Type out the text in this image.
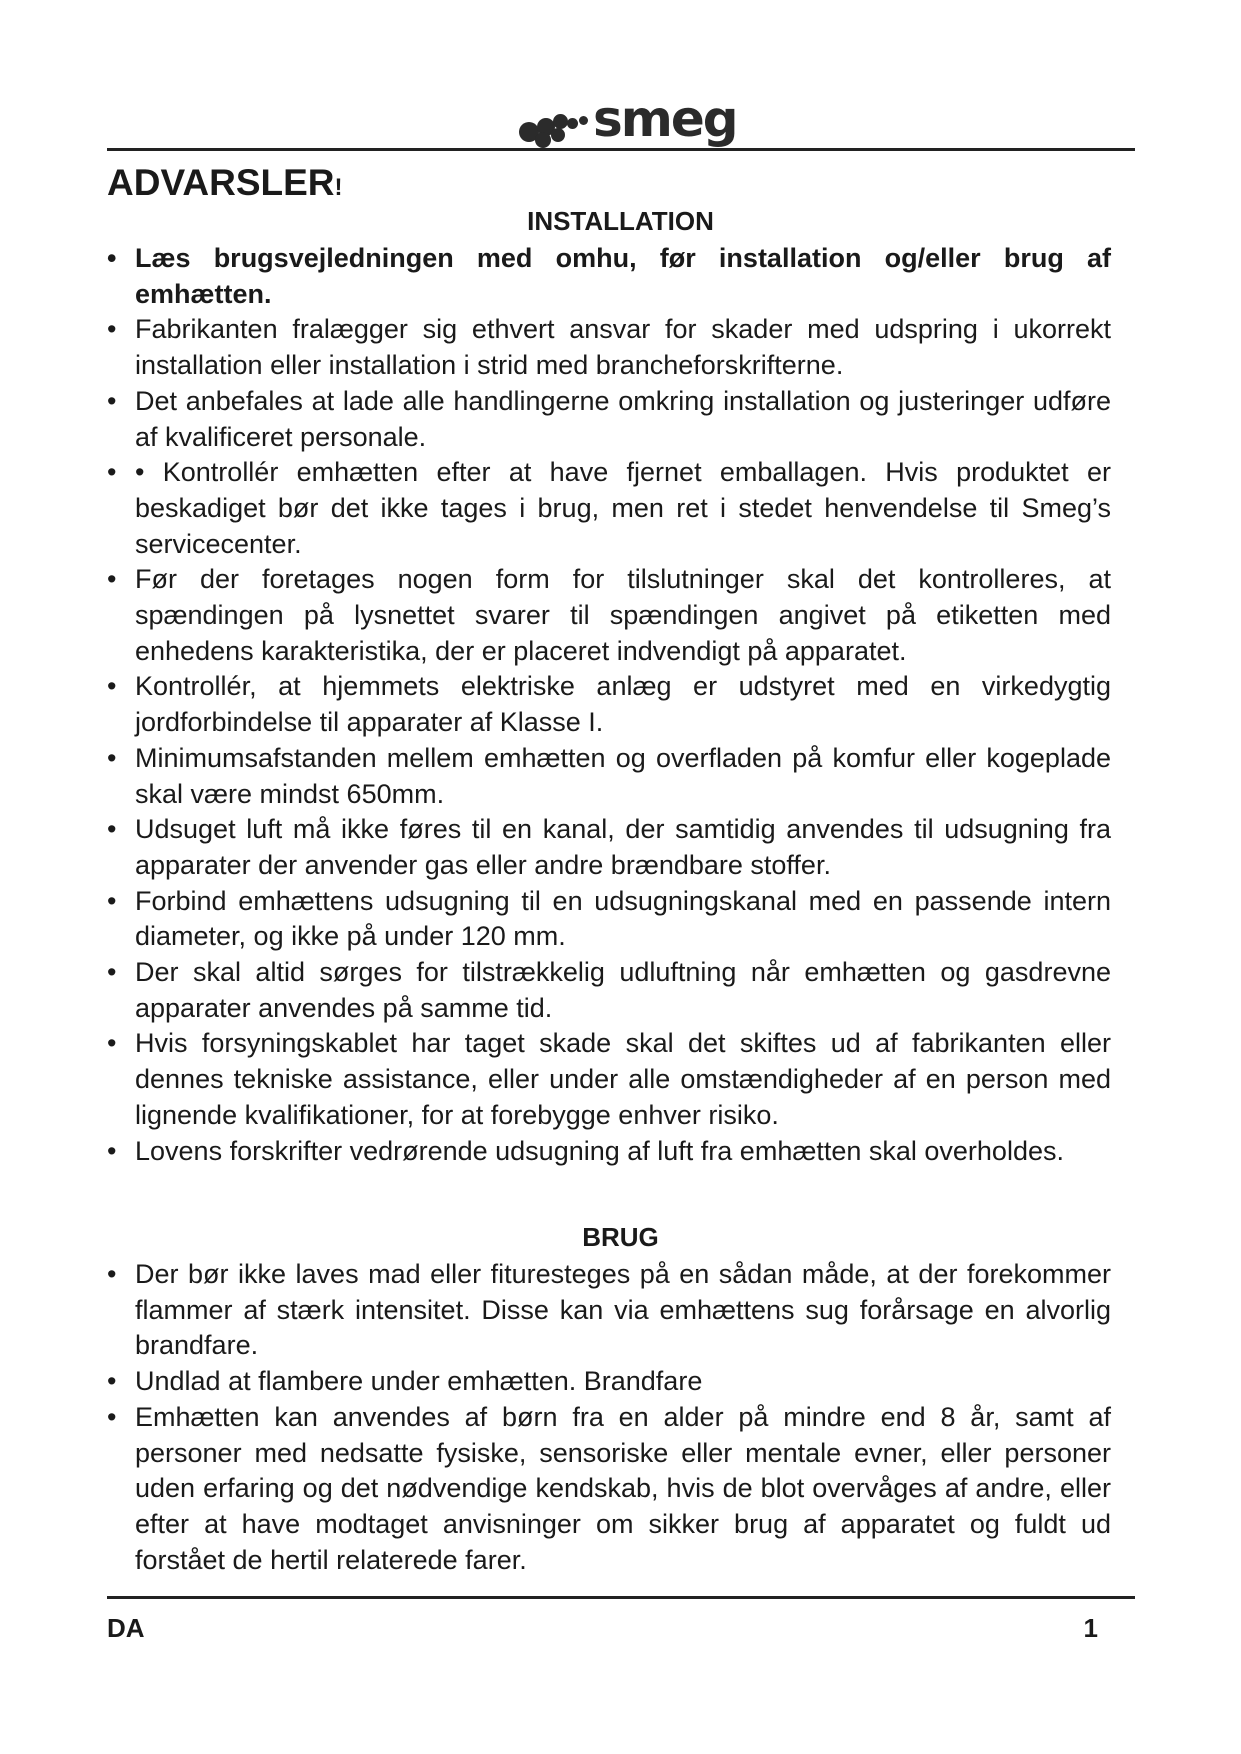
smeg
ADVARSLER!
INSTALLATION
• Læs brugsvejledningen med omhu, før installation og/eller brug af emhætten.
• Fabrikanten fralægger sig ethvert ansvar for skader med udspring i ukorrekt installation eller installation i strid med brancheforskrifterne.
• Det anbefales at lade alle handlingerne omkring installation og justeringer udføre af kvalificeret personale.
• • Kontrollér emhætten efter at have fjernet emballagen. Hvis produktet er beskadiget bør det ikke tages i brug, men ret i stedet henvendelse til Smeg’s servicecenter.
• Før der foretages nogen form for tilslutninger skal det kontrolleres, at spændingen på lysnettet svarer til spændingen angivet på etiketten med enhedens karakteristika, der er placeret indvendigt på apparatet.
• Kontrollér, at hjemmets elektriske anlæg er udstyret med en virkedygtig jordforbindelse til apparater af Klasse I.
• Minimumsafstanden mellem emhætten og overfladen på komfur eller kogeplade skal være mindst 650mm.
• Udsuget luft må ikke føres til en kanal, der samtidig anvendes til udsugning fra apparater der anvender gas eller andre brændbare stoffer.
• Forbind emhættens udsugning til en udsugningskanal med en passende intern diameter, og ikke på under 120 mm.
• Der skal altid sørges for tilstrækkelig udluftning når emhætten og gasdrevne apparater anvendes på samme tid.
• Hvis forsyningskablet har taget skade skal det skiftes ud af fabrikanten eller dennes tekniske assistance, eller under alle omstændigheder af en person med lignende kvalifikationer, for at forebygge enhver risiko.
• Lovens forskrifter vedrørende udsugning af luft fra emhætten skal overholdes.
BRUG
• Der bør ikke laves mad eller fituresteges på en sådan måde, at der forekommer flammer af stærk intensitet. Disse kan via emhættens sug forårsage en alvorlig brandfare.
• Undlad at flambere under emhætten. Brandfare
• Emhætten kan anvendes af børn fra en alder på mindre end 8 år, samt af personer med nedsatte fysiske, sensoriske eller mentale evner, eller personer uden erfaring og det nødvendige kendskab, hvis de blot overvåges af andre, eller efter at have modtaget anvisninger om sikker brug af apparatet og fuldt ud forstået de hertil relaterede farer.
DA	1
